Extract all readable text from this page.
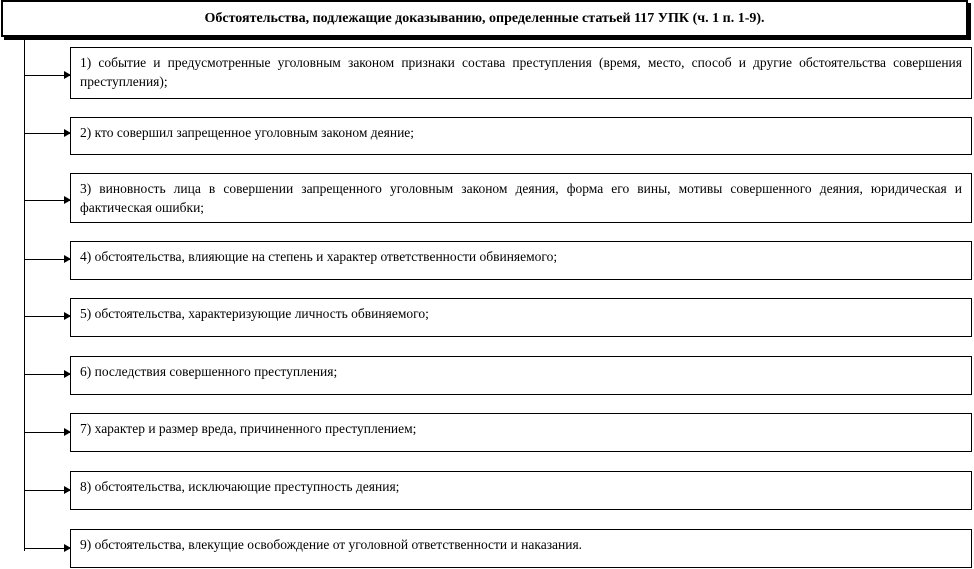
Обстоятельства, подлежащие доказыванию, определенные статьей 117 УПК (ч. 1 п. 1-9).
1) событие и предусмотренные уголовным законом признаки состава преступления (время, место, способ и другие обстоятельства совершения преступления);
2) кто совершил запрещенное уголовным законом деяние;
3) виновность лица в совершении запрещенного уголовным законом деяния, форма его вины, мотивы совершенного деяния, юридическая и фактическая ошибки;
4) обстоятельства, влияющие на степень и характер ответственности обвиняемого;
5) обстоятельства, характеризующие личность обвиняемого;
6) последствия совершенного преступления;
7) характер и размер вреда, причиненного преступлением;
8) обстоятельства, исключающие преступность деяния;
9) обстоятельства, влекущие освобождение от уголовной ответственности и наказания.
